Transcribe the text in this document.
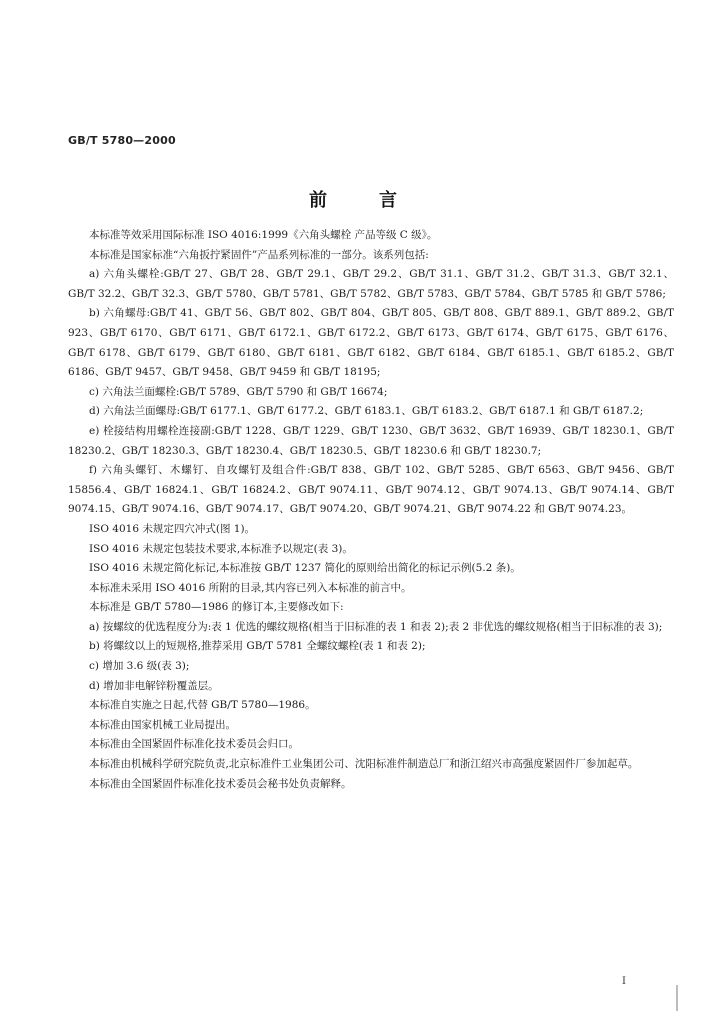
GB/T 5780—2000
前言

本标准等效采用国际标准 ISO 4016:1999《六角头螺栓 产品等级 C 级》。

本标准是国家标准“六角扳拧紧固件”产品系列标准的一部分。该系列包括:

a) 六角头螺栓:GB/T 27、GB/T 28、GB/T 29.1、GB/T 29.2、GB/T 31.1、GB/T 31.2、GB/T 31.3、GB/T 32.1、GB/T 32.2、GB/T 32.3、GB/T 5780、GB/T 5781、GB/T 5782、GB/T 5783、GB/T 5784、GB/T 5785 和 GB/T 5786;

b) 六角螺母:GB/T 41、GB/T 56、GB/T 802、GB/T 804、GB/T 805、GB/T 808、GB/T 889.1、GB/T 889.2、GB/T 923、GB/T 6170、GB/T 6171、GB/T 6172.1、GB/T 6172.2、GB/T 6173、GB/T 6174、GB/T 6175、GB/T 6176、GB/T 6178、GB/T 6179、GB/T 6180、GB/T 6181、GB/T 6182、GB/T 6184、GB/T 6185.1、GB/T 6185.2、GB/T 6186、GB/T 9457、GB/T 9458、GB/T 9459 和 GB/T 18195;

c) 六角法兰面螺栓:GB/T 5789、GB/T 5790 和 GB/T 16674;

d) 六角法兰面螺母:GB/T 6177.1、GB/T 6177.2、GB/T 6183.1、GB/T 6183.2、GB/T 6187.1 和 GB/T 6187.2;

e) 栓接结构用螺栓连接副:GB/T 1228、GB/T 1229、GB/T 1230、GB/T 3632、GB/T 16939、GB/T 18230.1、GB/T 18230.2、GB/T 18230.3、GB/T 18230.4、GB/T 18230.5、GB/T 18230.6 和 GB/T 18230.7;

f) 六角头螺钉、木螺钉、自攻螺钉及组合件:GB/T 838、GB/T 102、GB/T 5285、GB/T 6563、GB/T 9456、GB/T 15856.4、GB/T 16824.1、GB/T 16824.2、GB/T 9074.11、GB/T 9074.12、GB/T 9074.13、GB/T 9074.14、GB/T 9074.15、GB/T 9074.16、GB/T 9074.17、GB/T 9074.20、GB/T 9074.21、GB/T 9074.22 和 GB/T 9074.23。

ISO 4016 未规定四穴冲式(图 1)。

ISO 4016 未规定包装技术要求,本标准予以规定(表 3)。

ISO 4016 未规定简化标记,本标准按 GB/T 1237 简化的原则给出简化的标记示例(5.2 条)。

本标准未采用 ISO 4016 所附的目录,其内容已列入本标准的前言中。

本标准是 GB/T 5780—1986 的修订本,主要修改如下:

a) 按螺纹的优选程度分为:表 1 优选的螺纹规格(相当于旧标准的表 1 和表 2);表 2 非优选的螺纹规格(相当于旧标准的表 3);

b) 将螺纹以上的短规格,推荐采用 GB/T 5781 全螺纹螺栓(表 1 和表 2);

c) 增加 3.6 级(表 3);

d) 增加非电解锌粉覆盖层。

本标准自实施之日起,代替 GB/T 5780—1986。

本标准由国家机械工业局提出。

本标准由全国紧固件标准化技术委员会归口。

本标准由机械科学研究院负责,北京标准件工业集团公司、沈阳标准件制造总厂和浙江绍兴市高强度紧固件厂参加起草。

本标准由全国紧固件标准化技术委员会秘书处负责解释。

I
